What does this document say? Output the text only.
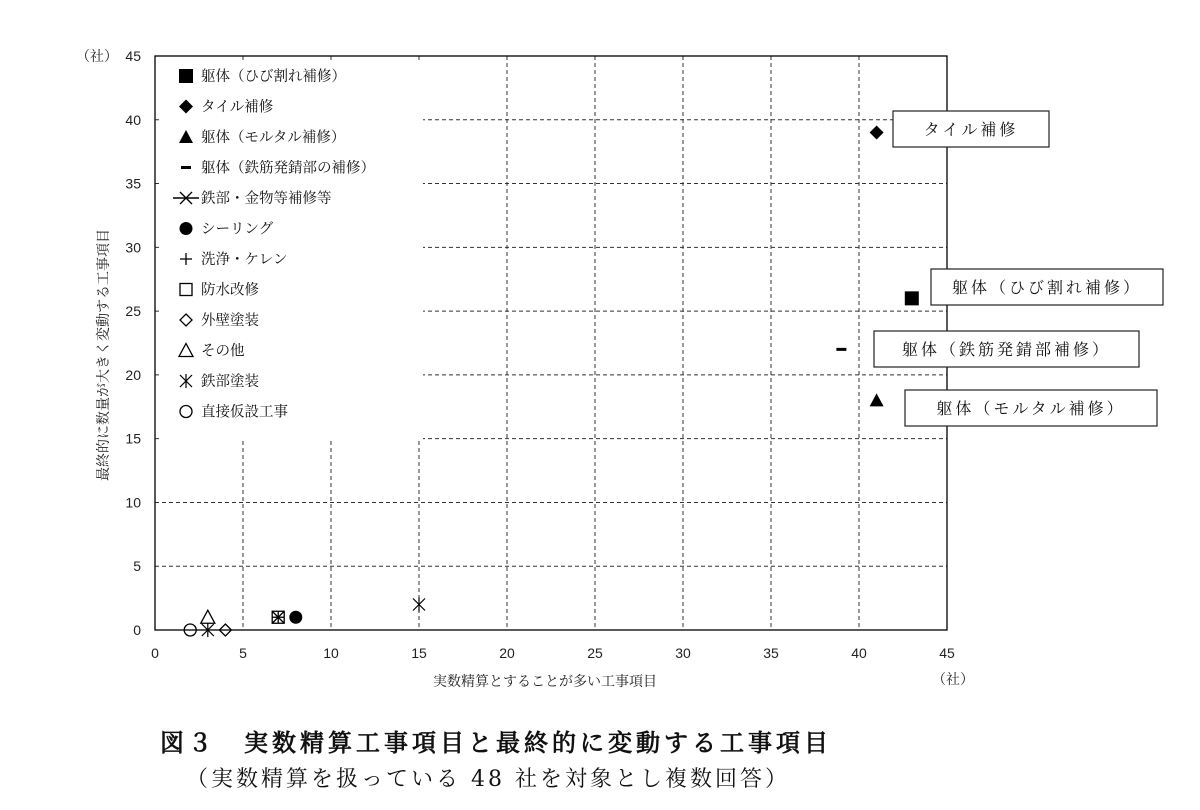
0
5
10
15
20
25
30
35
40
45
0	5	10	15	20	25	30	35	40	45
（社）
（社）
実数精算とすることが多い工事項目
最終的に数量が大きく変動する工事項目
躯体（ひび割れ補修）
タイル補修
躯体（モルタル補修）
躯体（鉄筋発錆部の補修）
鉄部・金物等補修等
シーリング
洗浄・ケレン
防水改修
外壁塗装
その他
鉄部塗装
直接仮設工事
タイル補修
躯体（ひび割れ補修）
躯体（鉄筋発錆部補修）
躯体（モルタル補修）
図３　実数精算工事項目と最終的に変動する工事項目
（実数精算を扱っている 48 社を対象とし複数回答）
